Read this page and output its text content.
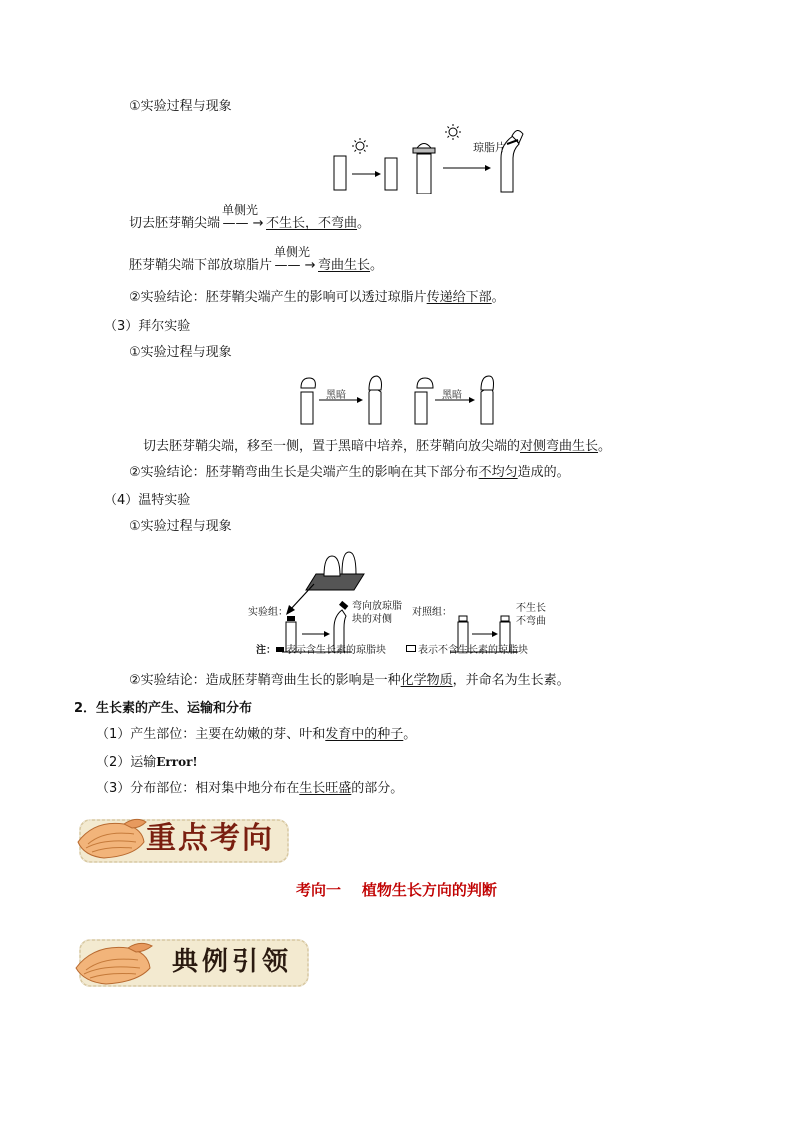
①实验过程与现象
琼脂片
切去胚芽鞘尖端
单侧光
—— → 不生长，不弯曲。
胚芽鞘尖端下部放琼脂片
单侧光
—— → 弯曲生长。
②实验结论：胚芽鞘尖端产生的影响可以透过琼脂片传递给下部。
（3）拜尔实验
①实验过程与现象
黑暗	黑暗
切去胚芽鞘尖端，移至一侧，置于黑暗中培养，胚芽鞘向放尖端的对侧弯曲生长。
②实验结论：胚芽鞘弯曲生长是尖端产生的影响在其下部分布不均匀造成的。
（4）温特实验
①实验过程与现象
实验组：
弯向放琼脂
块的对侧
对照组：	不生长
不弯曲
注： 表示含生长素的琼脂块	表示不含生长素的琼脂块
②实验结论：造成胚芽鞘弯曲生长的影响是一种化学物质，并命名为生长素。
2．生长素的产生、运输和分布
（1）产生部位：主要在幼嫩的芽、叶和发育中的种子。
（2）运输Error!
（3）分布部位：相对集中地分布在生长旺盛的部分。
重点考向
考向一    植物生长方向的判断
典例引领
